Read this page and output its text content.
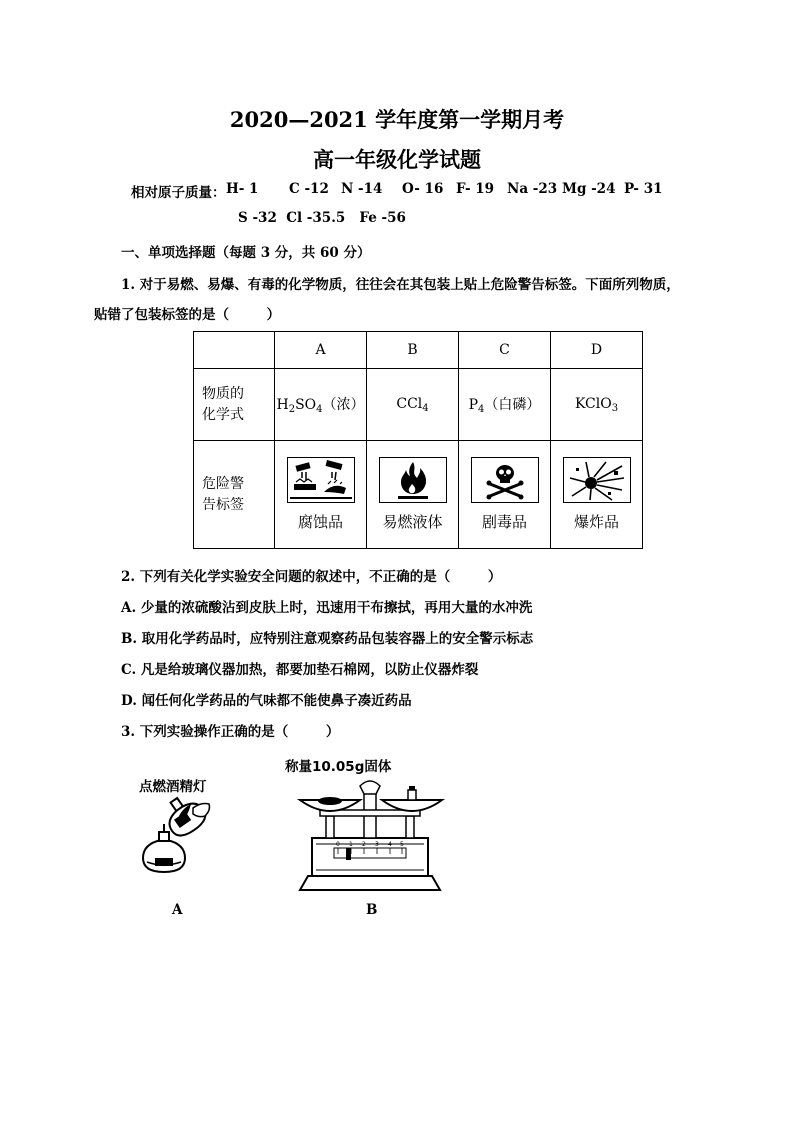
2020—2021 学年度第一学期月考
高一年级化学试题
相对原子质量： H- 1 C -12 N -14 O- 16 F- 19 Na -23 Mg -24 P- 31
S -32  Cl -35.5   Fe -56
一、单项选择题（每题 3 分，共 60 分）
1. 对于易燃、易爆、有毒的化学物质，往往会在其包装上贴上危险警告标签。下面所列物质，
贴错了包装标签的是（        ）
	A	B	C	D
物质的
化学式	$H_2SO_4$（浓）	CCl$_4$	$P_4$（白磷）	KClO$_3$
危险警
告标签	腐蚀品	易燃液体	剧毒品	爆炸品
2. 下列有关化学实验安全问题的叙述中，不正确的是（        ）
A. 少量的浓硫酸沾到皮肤上时，迅速用干布擦拭，再用大量的水冲洗
B. 取用化学药品时，应特别注意观察药品包装容器上的安全警示标志
C. 凡是给玻璃仪器加热，都要加垫石棉网，以防止仪器炸裂
D. 闻任何化学药品的气味都不能使鼻子凑近药品
3. 下列实验操作正确的是（        ）
点燃酒精灯
A
称量10.05g固体
0 1 2 3 4 5
B
